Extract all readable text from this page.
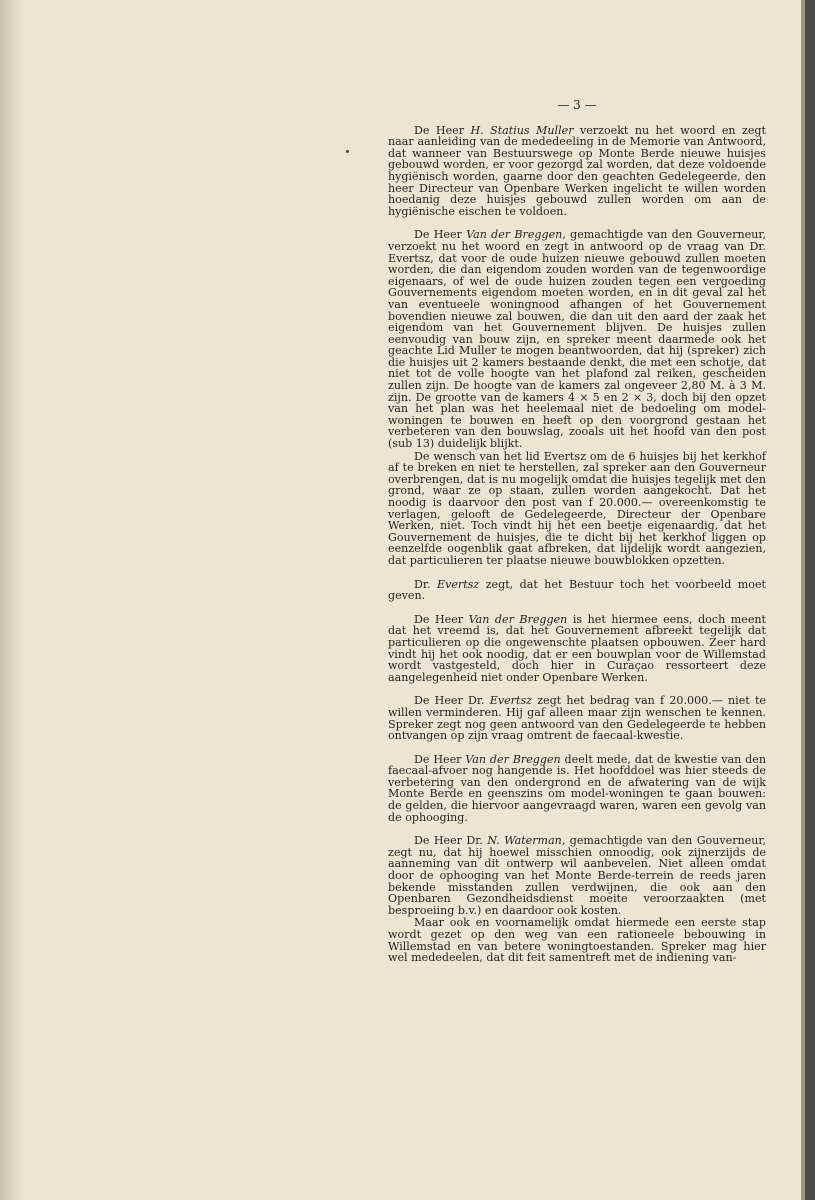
— 3 —

De Heer H. Statius Muller verzoekt nu het woord en zegt naar aanleiding van de mededeeling in de Memorie van Antwoord, dat wanneer van Bestuurswege op Monte Berde nieuwe huisjes gebouwd worden, er voor gezorgd zal worden, dat deze voldoende hygiënisch worden, gaarne door den geachten Gedelegeerde, den heer Directeur van Openbare Werken ingelicht te willen worden hoedanig deze huisjes gebouwd zullen worden om aan de hygiënische eischen te voldoen.

De Heer Van der Breggen, gemachtigde van den Gouverneur, verzoekt nu het woord en zegt in antwoord op de vraag van Dr. Evertsz, dat voor de oude huizen nieuwe gebouwd zullen moeten worden, die dan eigendom zouden worden van de tegenwoordige eigenaars, of wel de oude huizen zouden tegen een vergoeding Gouvernements eigendom moeten worden, en in dit geval zal het van eventueele woningnood afhangen of het Gouvernement bovendien nieuwe zal bouwen, die dan uit den aard der zaak het eigendom van het Gouvernement blijven. De huisjes zullen eenvoudig van bouw zijn, en spreker meent daarmede ook het geachte Lid Muller te mogen beantwoorden, dat hij (spreker) zich die huisjes uit 2 kamers bestaande denkt, die met een schotje, dat niet tot de volle hoogte van het plafond zal reiken, gescheiden zullen zijn. De hoogte van de kamers zal ongeveer 2,80 M. à 3 M. zijn. De grootte van de kamers 4 × 5 en 2 × 3, doch bij den opzet van het plan was het heelemaal niet de bedoeling om model-woningen te bouwen en heeft op den voorgrond gestaan het verbeteren van den bouwslag, zooals uit het hoofd van den post (sub 13) duidelijk blijkt.

De wensch van het lid Evertsz om de 6 huisjes bij het kerkhof af te breken en niet te herstellen, zal spreker aan den Gouverneur overbrengen, dat is nu mogelijk omdat die huisjes tegelijk met den grond, waar ze op staan, zullen worden aangekocht. Dat het noodig is daarvoor den post van f 20.000.— overeenkomstig te verlagen, gelooft de Gedelegeerde, Directeur der Openbare Werken, niet. Toch vindt hij het een beetje eigenaardig, dat het Gouvernement de huisjes, die te dicht bij het kerkhof liggen op eenzelfde oogenblik gaat afbreken, dat lijdelijk wordt aangezien, dat particulieren ter plaatse nieuwe bouwblokken opzetten.

Dr. Evertsz zegt, dat het Bestuur toch het voorbeeld moet geven.

De Heer Van der Breggen is het hiermee eens, doch meent dat het vreemd is, dat het Gouvernement afbreekt tegelijk dat particulieren op die ongewenschte plaatsen opbouwen. Zeer hard vindt hij het ook noodig, dat er een bouwplan voor de Willemstad wordt vastgesteld, doch hier in Curaçao ressorteert deze aangelegenheid niet onder Openbare Werken.

De Heer Dr. Evertsz zegt het bedrag van f 20.000.— niet te willen verminderen. Hij gaf alleen maar zijn wenschen te kennen. Spreker zegt nog geen antwoord van den Gedelegeerde te hebben ontvangen op zijn vraag omtrent de faecaal-kwestie.

De Heer Van der Breggen deelt mede, dat de kwestie van den faecaal-afvoer nog hangende is. Het hoofddoel was hier steeds de verbetering van den ondergrond en de afwatering van de wijk Monte Berde en geenszins om model-woningen te gaan bouwen: de gelden, die hiervoor aangevraagd waren, waren een gevolg van de ophooging.

De Heer Dr. N. Waterman, gemachtigde van den Gouverneur, zegt nu, dat hij hoewel misschien onnoodig, ook zijnerzijds de aanneming van dit ontwerp wil aanbevelen. Niet alleen omdat door de ophooging van het Monte Berde-terrein de reeds jaren bekende misstanden zullen verdwijnen, die ook aan den Openbaren Gezondheidsdienst moeite veroorzaakten (met besproeiing b.v.) en daardoor ook kosten.

Maar ook en voornamelijk omdat hiermede een eerste stap wordt gezet op den weg van een rationeele bebouwing in Willemstad en van betere woningtoestanden. Spreker mag hier wel mededeelen, dat dit feit samentreft met de indiening van-
